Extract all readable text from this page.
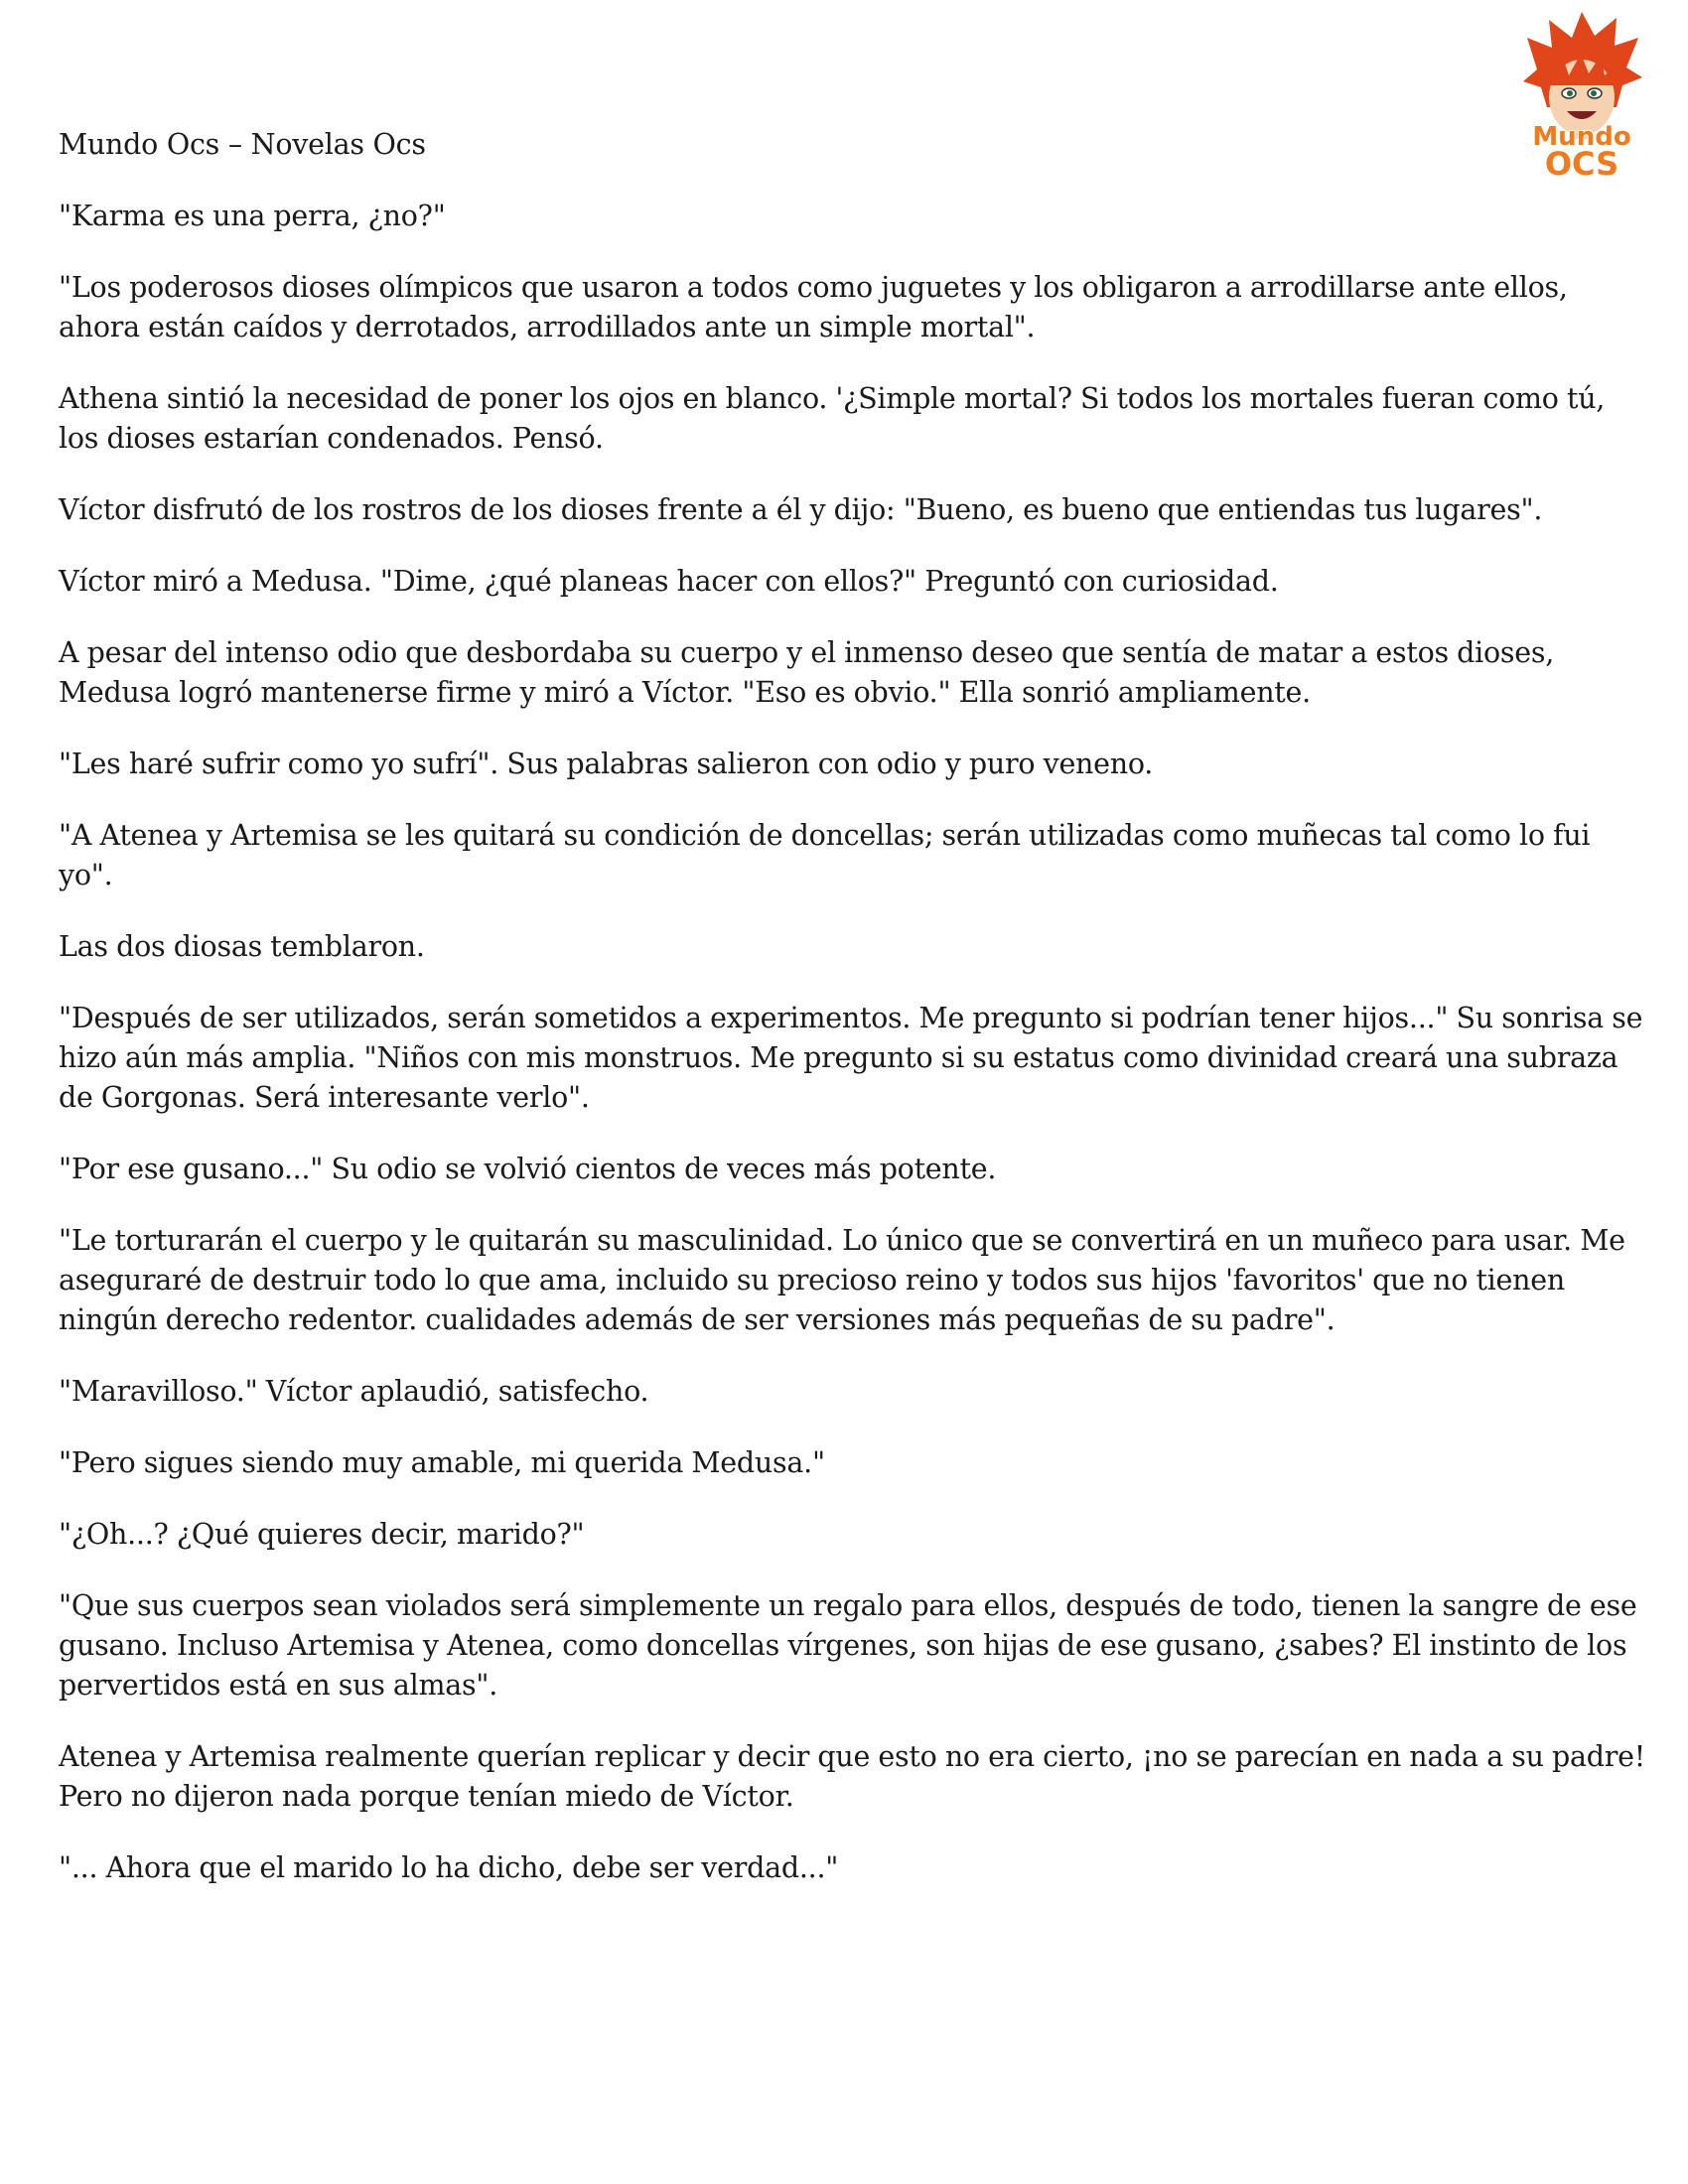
Mundo
OCS

Mundo Ocs – Novelas Ocs

"Karma es una perra, ¿no?"

"Los poderosos dioses olímpicos que usaron a todos como juguetes y los obligaron a arrodillarse ante ellos, ahora están caídos y derrotados, arrodillados ante un simple mortal".

Athena sintió la necesidad de poner los ojos en blanco. '¿Simple mortal? Si todos los mortales fueran como tú, los dioses estarían condenados. Pensó.

Víctor disfrutó de los rostros de los dioses frente a él y dijo: "Bueno, es bueno que entiendas tus lugares".

Víctor miró a Medusa. "Dime, ¿qué planeas hacer con ellos?" Preguntó con curiosidad.

A pesar del intenso odio que desbordaba su cuerpo y el inmenso deseo que sentía de matar a estos dioses, Medusa logró mantenerse firme y miró a Víctor. "Eso es obvio." Ella sonrió ampliamente.

"Les haré sufrir como yo sufrí". Sus palabras salieron con odio y puro veneno.

"A Atenea y Artemisa se les quitará su condición de doncellas; serán utilizadas como muñecas tal como lo fui yo".

Las dos diosas temblaron.

"Después de ser utilizados, serán sometidos a experimentos. Me pregunto si podrían tener hijos..." Su sonrisa se hizo aún más amplia. "Niños con mis monstruos. Me pregunto si su estatus como divinidad creará una subraza de Gorgonas. Será interesante verlo".

"Por ese gusano..." Su odio se volvió cientos de veces más potente.

"Le torturarán el cuerpo y le quitarán su masculinidad. Lo único que se convertirá en un muñeco para usar. Me aseguraré de destruir todo lo que ama, incluido su precioso reino y todos sus hijos 'favoritos' que no tienen ningún derecho redentor. cualidades además de ser versiones más pequeñas de su padre".

"Maravilloso." Víctor aplaudió, satisfecho.

"Pero sigues siendo muy amable, mi querida Medusa."

"¿Oh...? ¿Qué quieres decir, marido?"

"Que sus cuerpos sean violados será simplemente un regalo para ellos, después de todo, tienen la sangre de ese gusano. Incluso Artemisa y Atenea, como doncellas vírgenes, son hijas de ese gusano, ¿sabes? El instinto de los pervertidos está en sus almas".

Atenea y Artemisa realmente querían replicar y decir que esto no era cierto, ¡no se parecían en nada a su padre! Pero no dijeron nada porque tenían miedo de Víctor.

"... Ahora que el marido lo ha dicho, debe ser verdad..."
